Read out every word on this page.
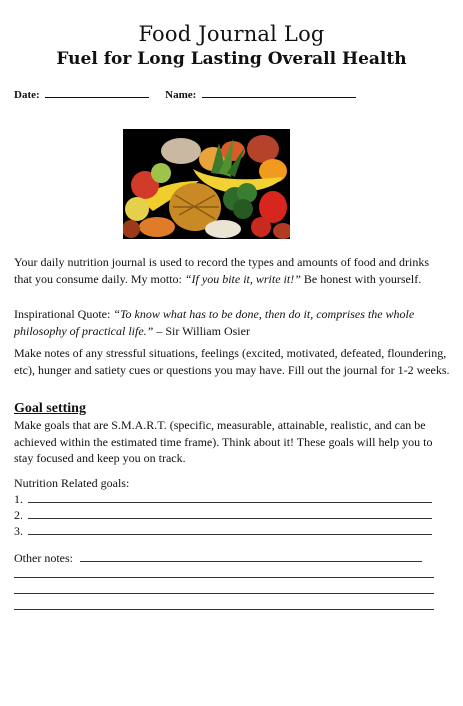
Food Journal Log
Fuel for Long Lasting Overall Health
Date:	Name:
Your daily nutrition journal is used to record the types and amounts of food and drinks that you consume daily. My motto: “If you bite it, write it!” Be honest with yourself.
Inspirational Quote: “To know what has to be done, then do it, comprises the whole philosophy of practical life.” – Sir William Osier
Make notes of any stressful situations, feelings (excited, motivated, defeated, floundering, etc), hunger and satiety cues or questions you may have. Fill out the journal for 1-2 weeks.
Goal setting
Make goals that are S.M.A.R.T. (specific, measurable, attainable, realistic, and can be achieved within the estimated time frame). Think about it! These goals will help you to stay focused and keep you on track.
Nutrition Related goals:
1.
2.
3.
Other notes:
